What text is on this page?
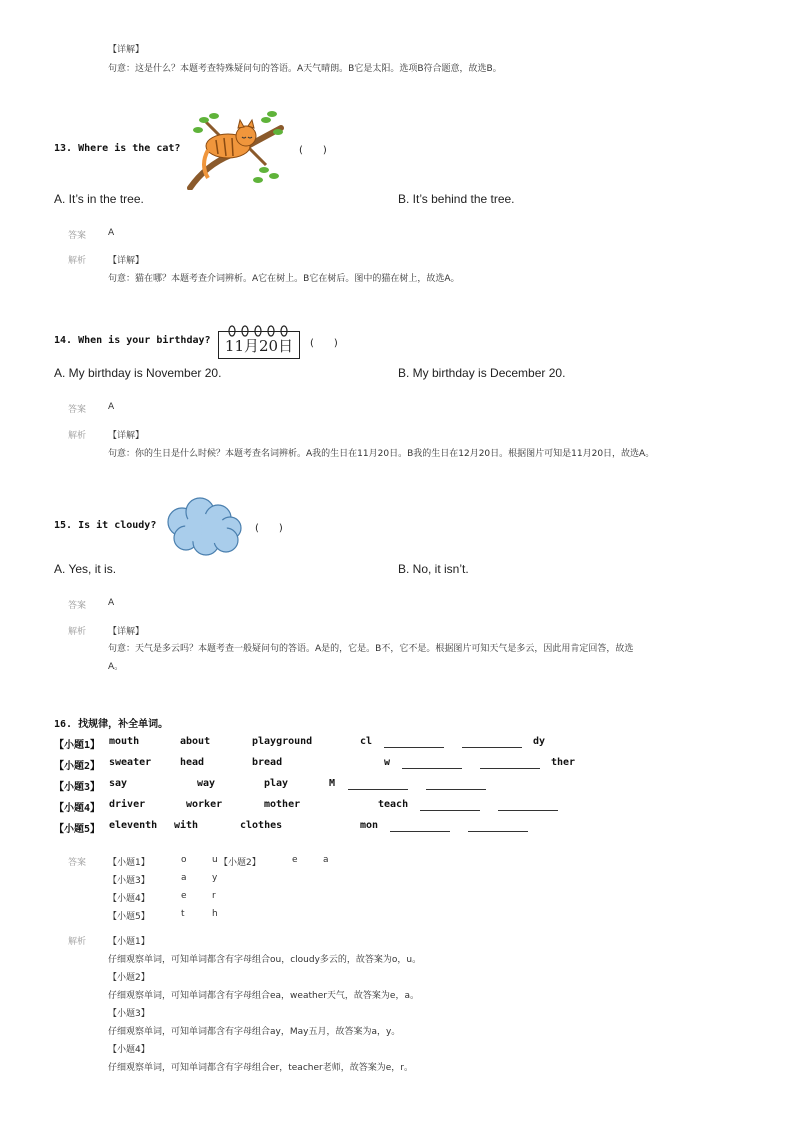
【详解】
句意：这是什么？本题考查特殊疑问句的答语。A天气晴朗。B它是太阳。选项B符合题意，故选B。
13. Where is the cat?	(　　)
A. It’s in the tree.	B. It’s behind the tree.
答案 A
解析 【详解】
句意：猫在哪？本题考查介词辨析。A它在树上。B它在树后。图中的猫在树上，故选A。
14. When is your birthday? 11月20日	(　　)
A. My birthday is November 20.	B. My birthday is December 20.
答案 A
解析 【详解】
句意：你的生日是什么时候？本题考查名词辨析。A我的生日在11月20日。B我的生日在12月20日。根据图片可知是11月20日，故选A。
15. Is it cloudy?	(　　)
A. Yes, it is.	B. No, it isn’t.
答案 A
解析 【详解】
句意：天气是多云吗？本题考查一般疑问句的答语。A是的，它是。B不，它不是。根据图片可知天气是多云，因此用肯定回答，故选
A。
16. 找规律，补全单词。
【小题1】 mouth	about	playground	cl	dy
【小题2】 sweater	head	bread	w	ther
【小题3】 say	way	play	M
【小题4】 driver	worker	mother	teach
【小题5】 eleventh with	clothes	mon
答案 【小题1】	o	u 【小题2】	e	a
【小题3】	a	y
【小题4】	e	r
【小题5】	t	h
解析 【小题1】
仔细观察单词，可知单词都含有字母组合ou，cloudy多云的，故答案为o，u。
【小题2】
仔细观察单词，可知单词都含有字母组合ea，weather天气，故答案为e，a。
【小题3】
仔细观察单词，可知单词都含有字母组合ay，May五月，故答案为a，y。
【小题4】
仔细观察单词，可知单词都含有字母组合er，teacher老师，故答案为e，r。
